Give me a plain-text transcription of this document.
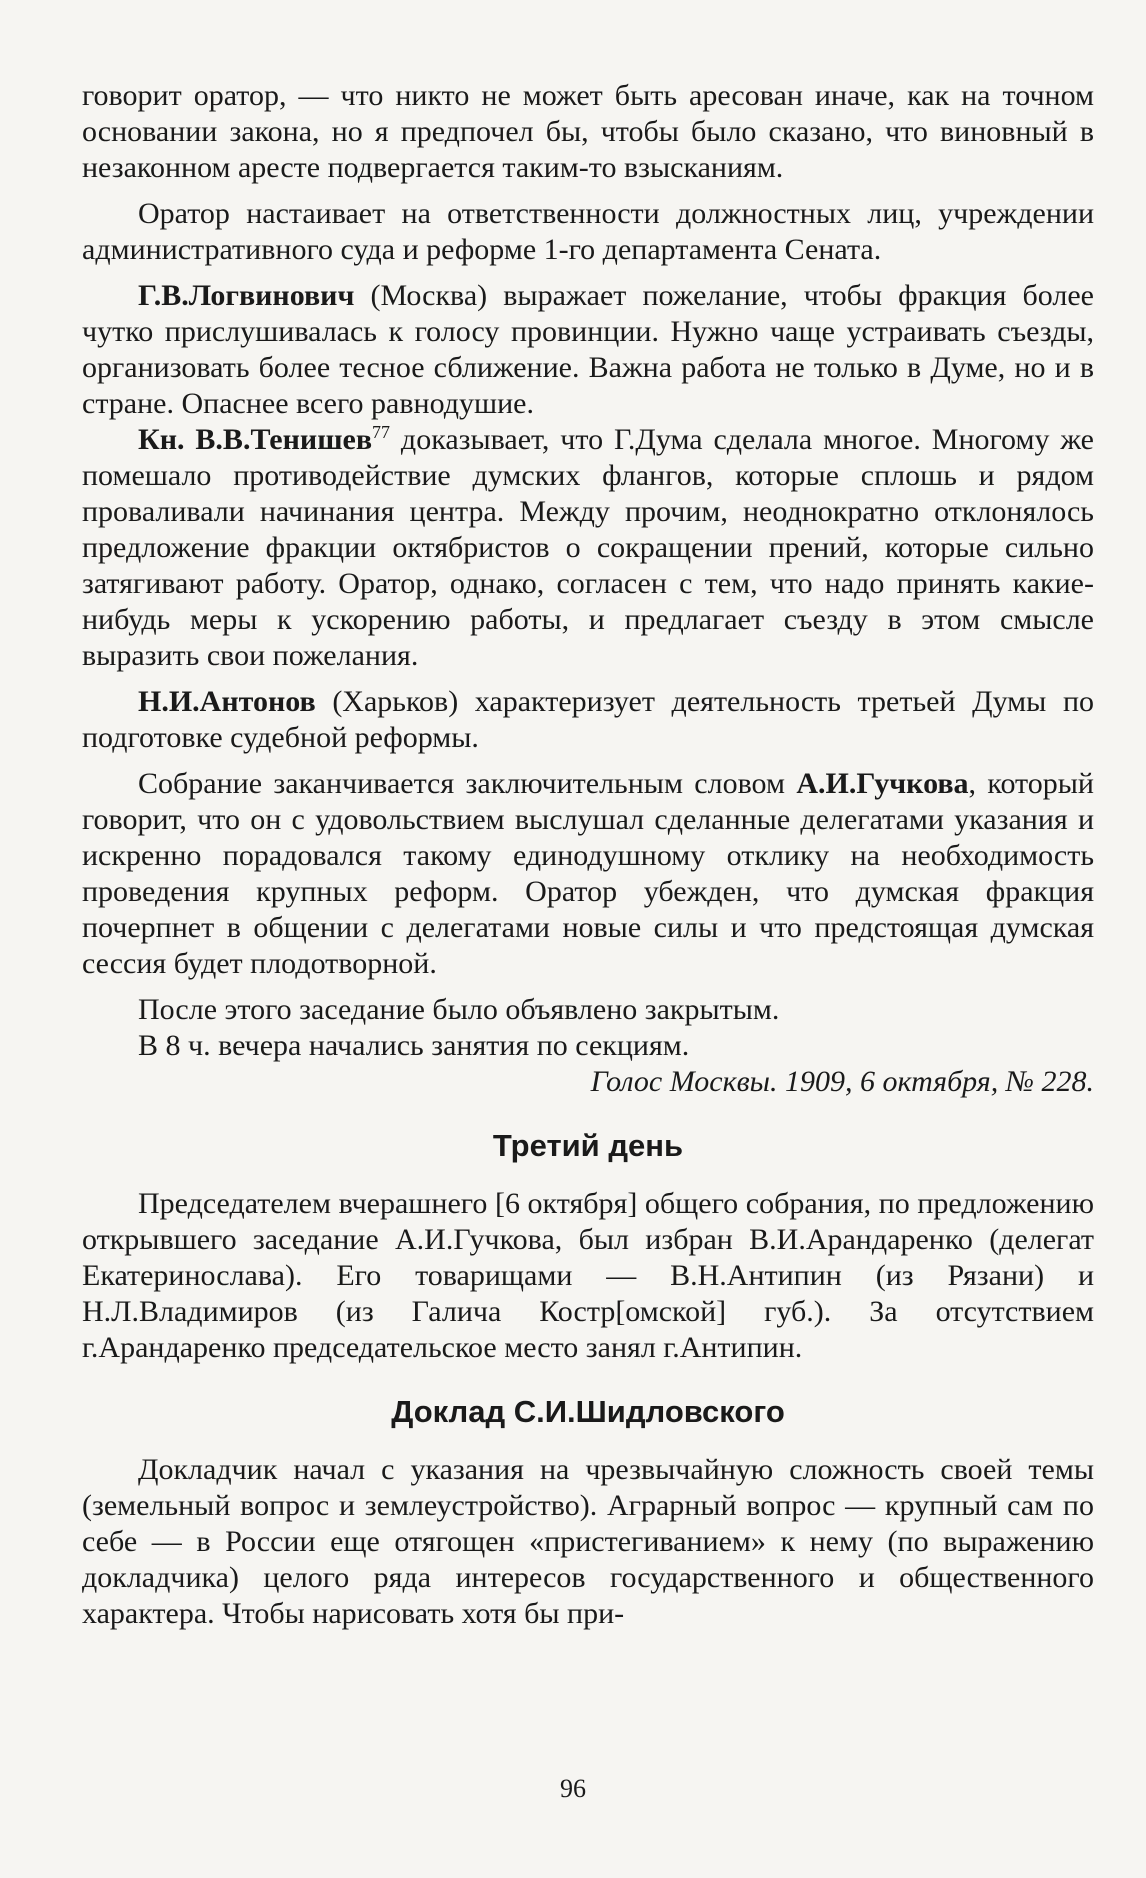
говорит оратор, — что никто не может быть аресован иначе, как на точном основании закона, но я предпочел бы, чтобы было сказано, что виновный в незаконном аресте подвергается таким-то взысканиям.

Оратор настаивает на ответственности должностных лиц, учреждении административного суда и реформе 1-го департамента Сената.

Г.В.Логвинович (Москва) выражает пожелание, чтобы фракция более чутко прислушивалась к голосу провинции. Нужно чаще устраивать съезды, организовать более тесное сближение. Важна работа не только в Думе, но и в стране. Опаснее всего равнодушие.

Кн. В.В.Тенишев$^{77}$ доказывает, что Г.Дума сделала многое. Многому же помешало противодействие думских флангов, которые сплошь и рядом проваливали начинания центра. Между прочим, неоднократно отклонялось предложение фракции октябристов о сокращении прений, которые сильно затягивают работу. Оратор, однако, согласен с тем, что надо принять какие-нибудь меры к ускорению работы, и предлагает съезду в этом смысле выразить свои пожелания.

Н.И.Антонов (Харьков) характеризует деятельность третьей Думы по подготовке судебной реформы.

Собрание заканчивается заключительным словом А.И.Гучкова, который говорит, что он с удовольствием выслушал сделанные делегатами указания и искренно порадовался такому единодушному отклику на необходимость проведения крупных реформ. Оратор убежден, что думская фракция почерпнет в общении с делегатами новые силы и что предстоящая думская сессия будет плодотворной.

После этого заседание было объявлено закрытым.

В 8 ч. вечера начались занятия по секциям.

Голос Москвы. 1909, 6 октября, № 228.

Третий день

Председателем вчерашнего [6 октября] общего собрания, по предложению открывшего заседание А.И.Гучкова, был избран В.И.Арандаренко (делегат Екатеринослава). Его товарищами — В.Н.Антипин (из Рязани) и Н.Л.Владимиров (из Галича Костр[омской] губ.). За отсутствием г.Арандаренко председательское место занял г.Антипин.

Доклад С.И.Шидловского

Докладчик начал с указания на чрезвычайную сложность своей темы (земельный вопрос и землеустройство). Аграрный вопрос — крупный сам по себе — в России еще отягощен «пристегиванием» к нему (по выражению докладчика) целого ряда интересов государственного и общественного характера. Чтобы нарисовать хотя бы при-

96
